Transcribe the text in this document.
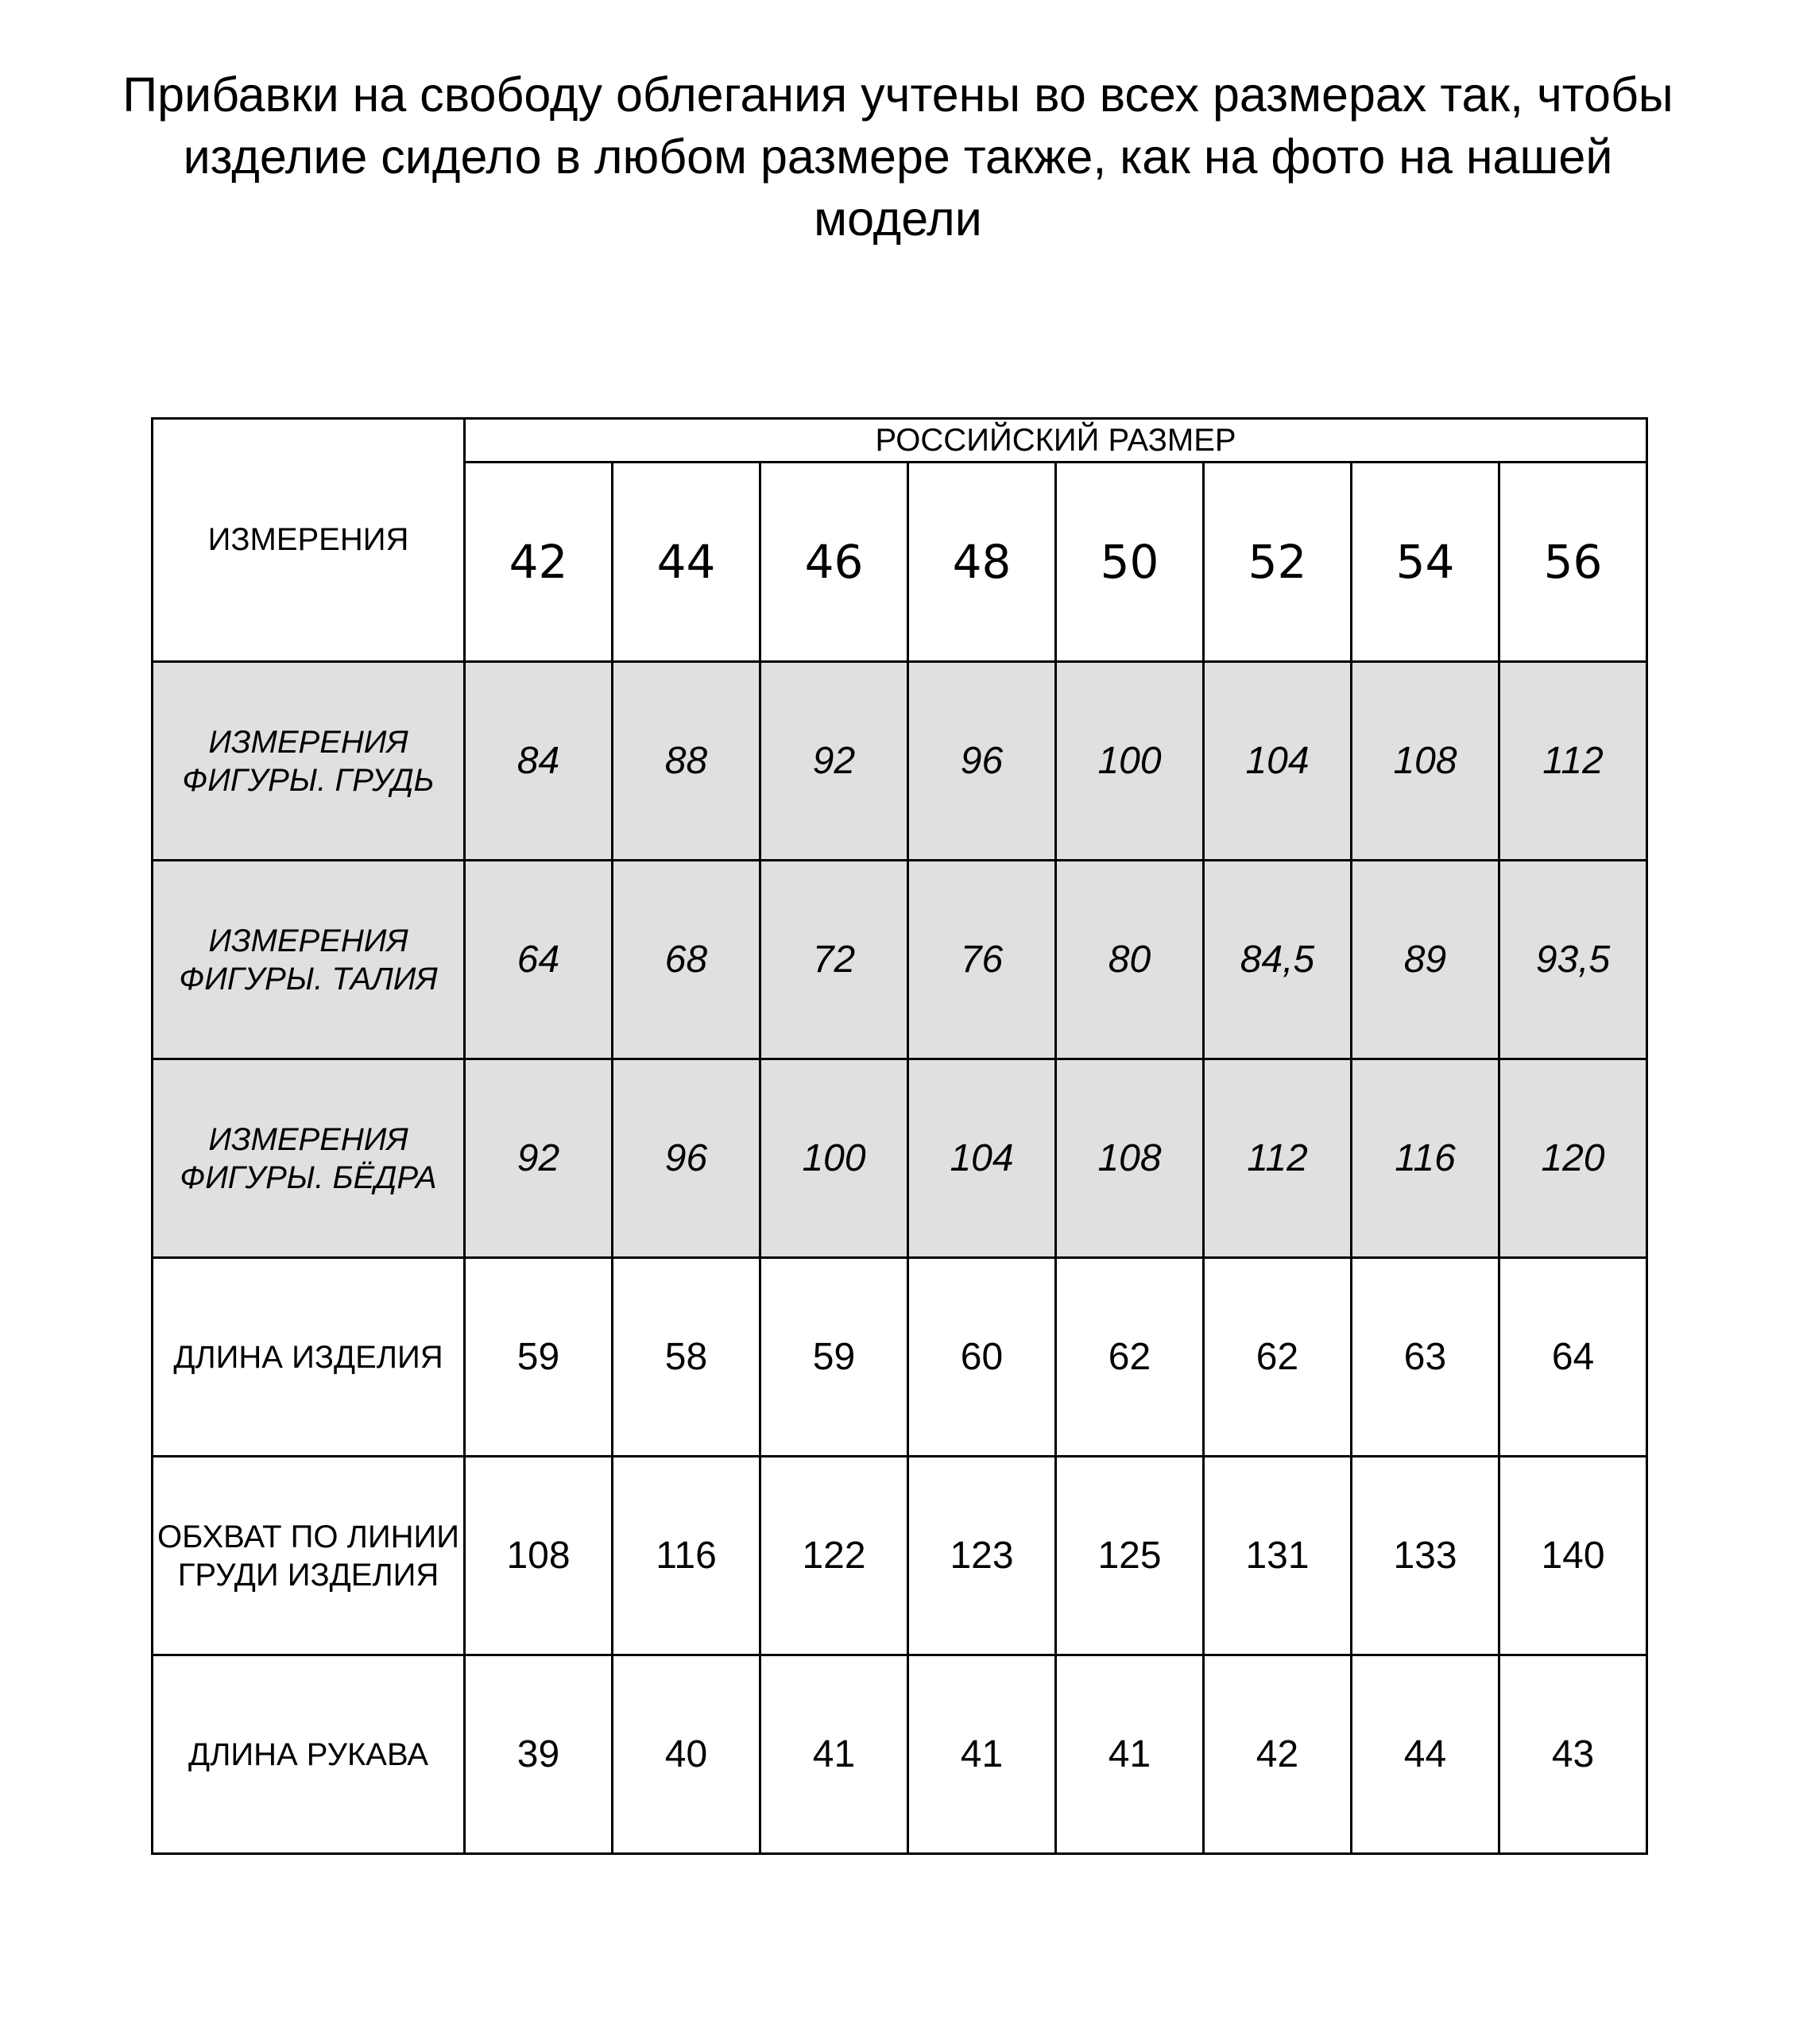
Прибавки на свободу облегания учтены во всех размерах так, чтобы изделие сидело в любом размере также, как на фото на нашей модели
ИЗМЕРЕНИЯ	РОССИЙСКИЙ РАЗМЕР							
	42	44	46	48	50	52	54	56
ИЗМЕРЕНИЯ ФИГУРЫ. ГРУДЬ	84	88	92	96	100	104	108	112
ИЗМЕРЕНИЯ ФИГУРЫ. ТАЛИЯ	64	68	72	76	80	84,5	89	93,5
ИЗМЕРЕНИЯ ФИГУРЫ. БЁДРА	92	96	100	104	108	112	116	120
ДЛИНА ИЗДЕЛИЯ	59	58	59	60	62	62	63	64
ОБХВАТ ПО ЛИНИИ ГРУДИ ИЗДЕЛИЯ	108	116	122	123	125	131	133	140
ДЛИНА РУКАВА	39	40	41	41	41	42	44	43
